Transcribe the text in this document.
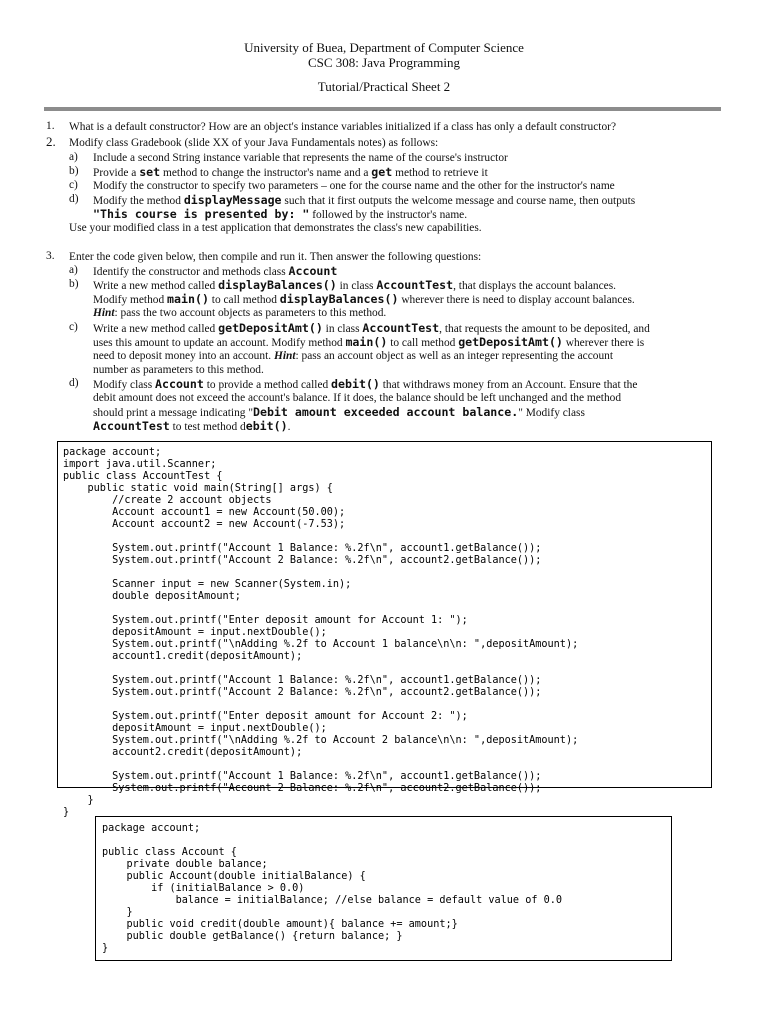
University of Buea, Department of Computer Science
CSC 308: Java Programming
Tutorial/Practical Sheet 2
1. What is a default constructor? How are an object's instance variables initialized if a class has only a default constructor?
2. Modify class Gradebook (slide XX of your Java Fundamentals notes) as follows:
a) Include a second String instance variable that represents the name of the course's instructor
b) Provide a set method to change the instructor's name and a get method to retrieve it
c) Modify the constructor to specify two parameters – one for the course name and the other for the instructor's name
d) Modify the method displayMessage such that it first outputs the welcome message and course name, then outputs
"This course is presented by: " followed by the instructor's name.
Use your modified class in a test application that demonstrates the class's new capabilities.
3. Enter the code given below, then compile and run it. Then answer the following questions:
a) Identify the constructor and methods class Account
b) Write a new method called displayBalances() in class AccountTest, that displays the account balances.
Modify method main() to call method displayBalances() wherever there is need to display account balances.
Hint: pass the two account objects as parameters to this method.
c) Write a new method called getDepositAmt() in class AccountTest, that requests the amount to be deposited, and
uses this amount to update an account. Modify method main() to call method getDepositAmt() wherever there is
need to deposit money into an account. Hint: pass an account object as well as an integer representing the account
number as parameters to this method.
d) Modify class Account to provide a method called debit() that withdraws money from an Account. Ensure that the
debit amount does not exceed the account's balance. If it does, the balance should be left unchanged and the method
should print a message indicating "Debit amount exceeded account balance." Modify class
AccountTest to test method debit().
package account;
import java.util.Scanner;
public class AccountTest {
public static void main(String[] args) {
//create 2 account objects
Account account1 = new Account(50.00);
Account account2 = new Account(-7.53);

System.out.printf("Account 1 Balance: %.2f\n", account1.getBalance());
System.out.printf("Account 2 Balance: %.2f\n", account2.getBalance());

Scanner input = new Scanner(System.in);
double depositAmount;

System.out.printf("Enter deposit amount for Account 1: ");
depositAmount = input.nextDouble();
System.out.printf("\nAdding %.2f to Account 1 balance\n\n: ",depositAmount);
account1.credit(depositAmount);

System.out.printf("Account 1 Balance: %.2f\n", account1.getBalance());
System.out.printf("Account 2 Balance: %.2f\n", account2.getBalance());

System.out.printf("Enter deposit amount for Account 2: ");
depositAmount = input.nextDouble();
System.out.printf("\nAdding %.2f to Account 2 balance\n\n: ",depositAmount);
account2.credit(depositAmount);

System.out.printf("Account 1 Balance: %.2f\n", account1.getBalance());
System.out.printf("Account 2 Balance: %.2f\n", account2.getBalance());
}
}
package account;

public class Account {
private double balance;
public Account(double initialBalance) {
if (initialBalance > 0.0)
balance = initialBalance; //else balance = default value of 0.0
}
public void credit(double amount){ balance += amount;}
public double getBalance() {return balance; }
}
